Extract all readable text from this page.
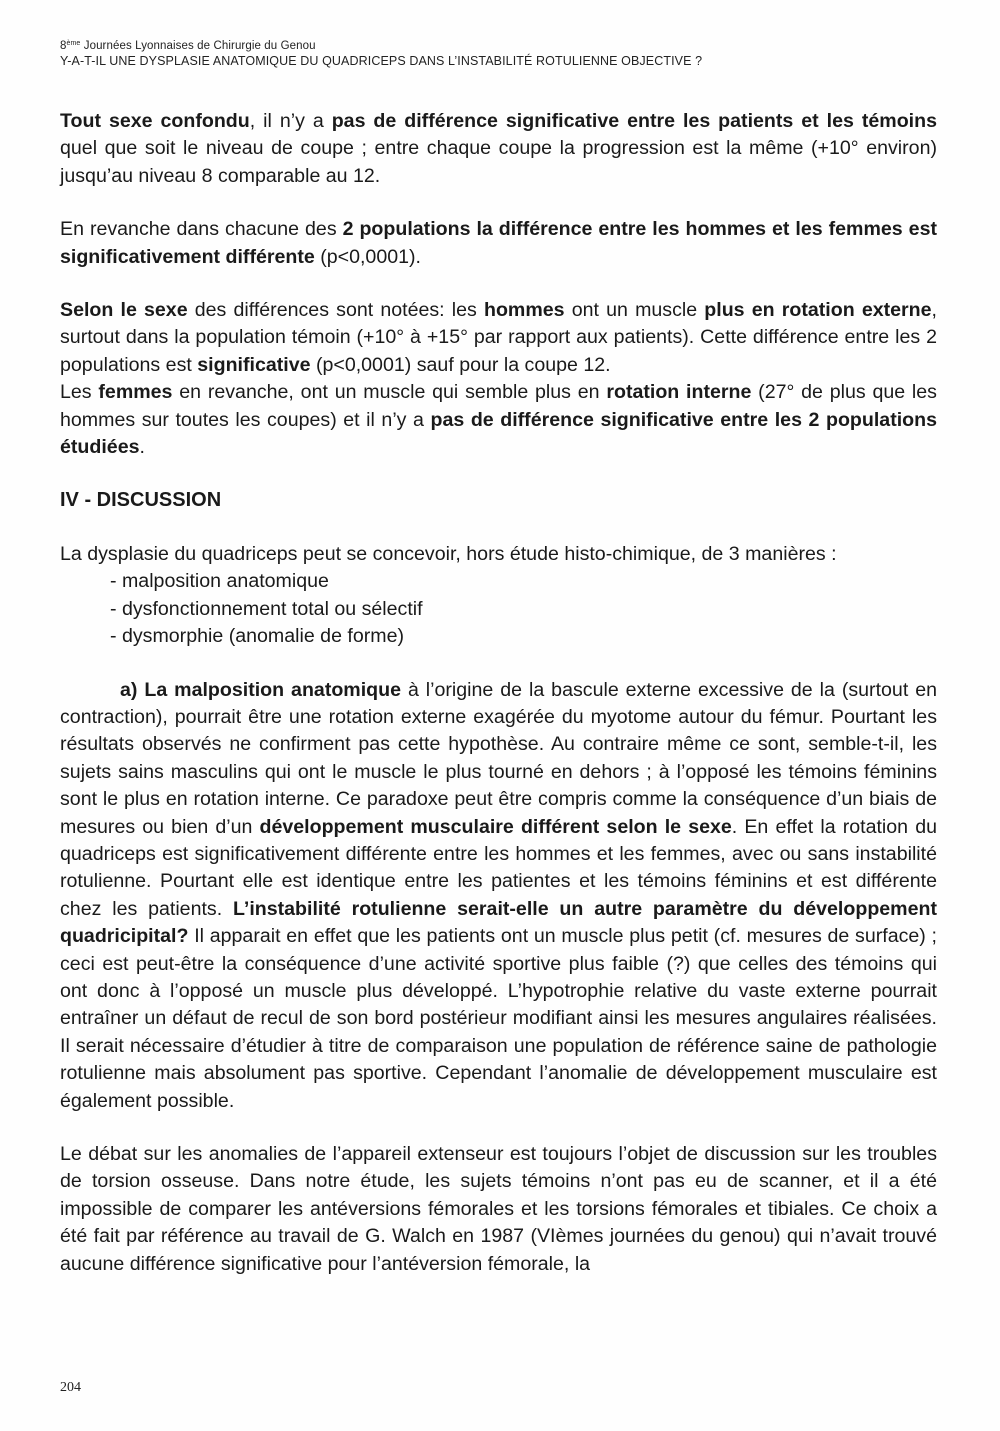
8ème Journées Lyonnaises de Chirurgie du Genou
Y-A-T-IL UNE DYSPLASIE ANATOMIQUE DU QUADRICEPS DANS L’INSTABILITÉ ROTULIENNE OBJECTIVE ?

Tout sexe confondu, il n’y a pas de différence significative entre les patients et les témoins quel que soit le niveau de coupe ; entre chaque coupe la progression est la même (+10° environ) jusqu’au niveau 8 comparable au 12.

En revanche dans chacune des 2 populations la différence entre les hommes et les femmes est significativement différente (p<0,0001).

Selon le sexe des différences sont notées: les hommes ont un muscle plus en rotation externe, surtout dans la population témoin (+10° à +15° par rapport aux patients). Cette différence entre les 2 populations est significative (p<0,0001) sauf pour la coupe 12.

Les femmes en revanche, ont un muscle qui semble plus en rotation interne (27° de plus que les hommes sur toutes les coupes) et il n’y a pas de différence significative entre les 2 populations étudiées.

IV - DISCUSSION
La dysplasie du quadriceps peut se concevoir, hors étude histo-chimique, de 3 manières :
- malposition anatomique
- dysfonctionnement total ou sélectif
- dysmorphie (anomalie de forme)

a) La malposition anatomique à l’origine de la bascule externe excessive de la (surtout en contraction), pourrait être une rotation externe exagérée du myotome autour du fémur. Pourtant les résultats observés ne confirment pas cette hypothèse. Au contraire même ce sont, semble-t-il, les sujets sains masculins qui ont le muscle le plus tourné en dehors ; à l’opposé les témoins féminins sont le plus en rotation interne. Ce paradoxe peut être compris comme la conséquence d’un biais de mesures ou bien d’un développement musculaire différent selon le sexe. En effet la rotation du quadriceps est significativement différente entre les hommes et les femmes, avec ou sans instabilité rotulienne. Pourtant elle est identique entre les patientes et les témoins féminins et est différente chez les patients. L’instabilité rotulienne serait-elle un autre paramètre du développement quadricipital? Il apparait en effet que les patients ont un muscle plus petit (cf. mesures de surface) ; ceci est peut-être la conséquence d’une activité sportive plus faible (?) que celles des témoins qui ont donc à l’opposé un muscle plus développé. L’hypotrophie relative du vaste externe pourrait entraîner un défaut de recul de son bord postérieur modifiant ainsi les mesures angulaires réalisées. Il serait nécessaire d’étudier à titre de comparaison une population de référence saine de pathologie rotulienne mais absolument pas sportive. Cependant l’anomalie de développement musculaire est également possible.

Le débat sur les anomalies de l’appareil extenseur est toujours l’objet de discussion sur les troubles de torsion osseuse. Dans notre étude, les sujets témoins n’ont pas eu de scanner, et il a été impossible de comparer les antéversions fémorales et les torsions fémorales et tibiales. Ce choix a été fait par référence au travail de G. Walch en 1987 (VIèmes journées du genou) qui n’avait trouvé aucune différence significative pour l’antéversion fémorale, la

204
